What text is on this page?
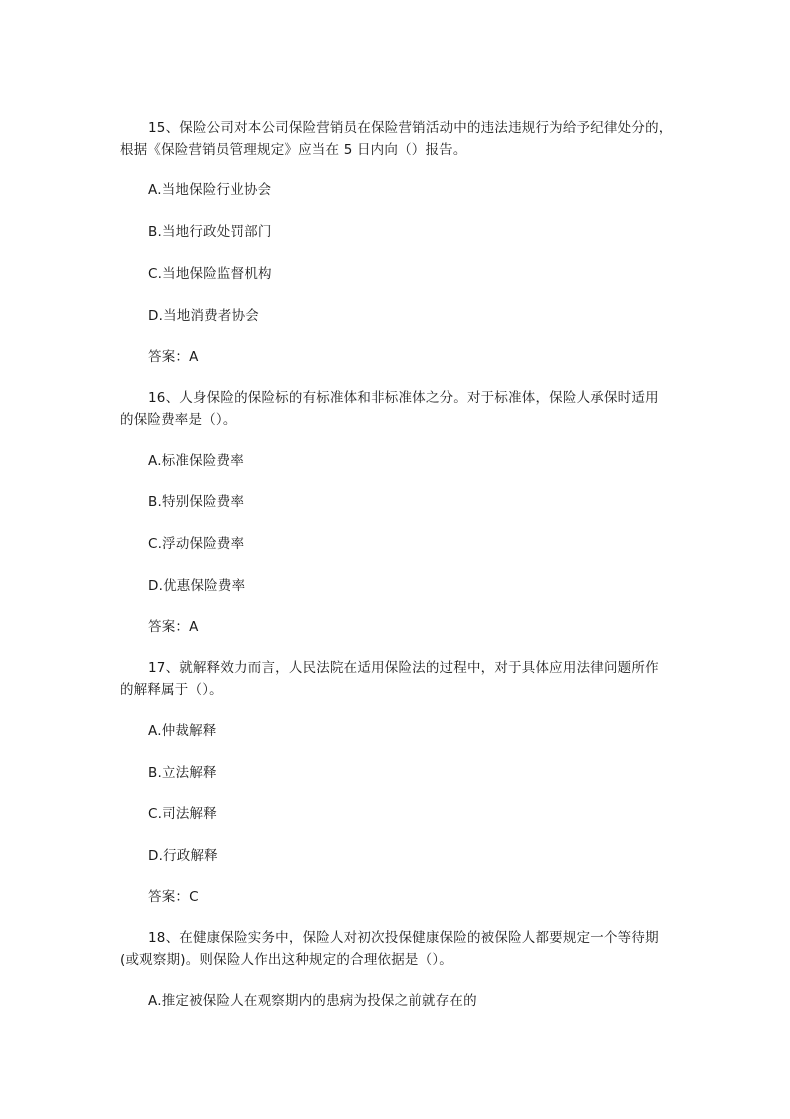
15、保险公司对本公司保险营销员在保险营销活动中的违法违规行为给予纪律处分的，
根据《保险营销员管理规定》应当在 5 日内向（）报告。
A.当地保险行业协会
B.当地行政处罚部门
C.当地保险监督机构
D.当地消费者协会
答案：A
16、人身保险的保险标的有标准体和非标准体之分。对于标准体，保险人承保时适用
的保险费率是（）。
A.标准保险费率
B.特别保险费率
C.浮动保险费率
D.优惠保险费率
答案：A
17、就解释效力而言，人民法院在适用保险法的过程中，对于具体应用法律问题所作
的解释属于（）。
A.仲裁解释
B.立法解释
C.司法解释
D.行政解释
答案：C
18、在健康保险实务中，保险人对初次投保健康保险的被保险人都要规定一个等待期
(或观察期)。则保险人作出这种规定的合理依据是（）。
A.推定被保险人在观察期内的患病为投保之前就存在的
